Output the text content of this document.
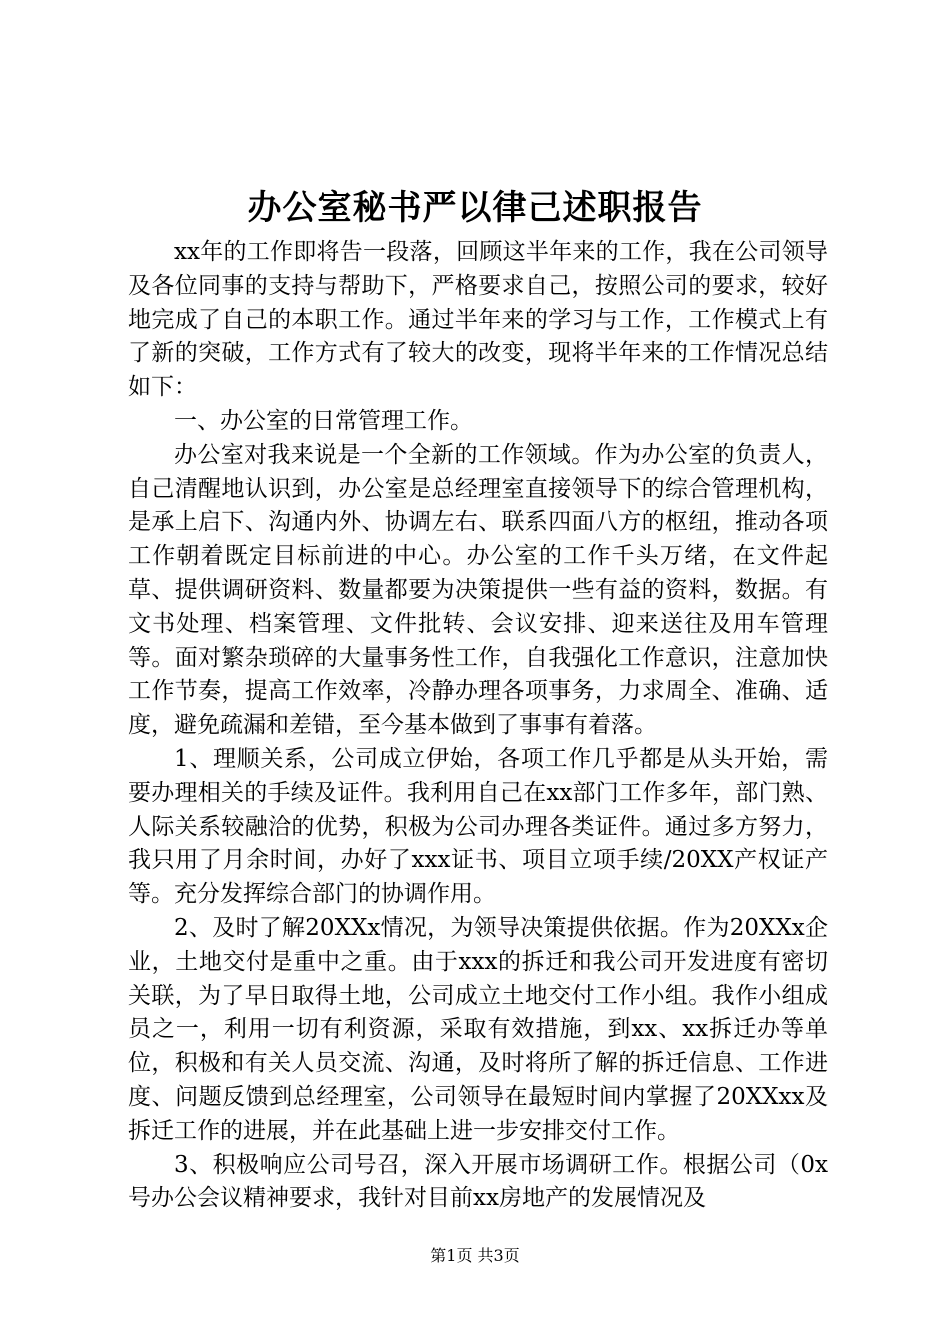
办公室秘书严以律己述职报告

xx年的工作即将告一段落，回顾这半年来的工作，我在公司领导及各位同事的支持与帮助下，严格要求自己，按照公司的要求，较好地完成了自己的本职工作。通过半年来的学习与工作，工作模式上有了新的突破，工作方式有了较大的改变，现将半年来的工作情况总结如下：

一、办公室的日常管理工作。

办公室对我来说是一个全新的工作领域。作为办公室的负责人，自己清醒地认识到，办公室是总经理室直接领导下的综合管理机构，是承上启下、沟通内外、协调左右、联系四面八方的枢纽，推动各项工作朝着既定目标前进的中心。办公室的工作千头万绪，在文件起草、提供调研资料、数量都要为决策提供一些有益的资料，数据。有文书处理、档案管理、文件批转、会议安排、迎来送往及用车管理等。面对繁杂琐碎的大量事务性工作，自我强化工作意识，注意加快工作节奏，提高工作效率，冷静办理各项事务，力求周全、准确、适度，避免疏漏和差错，至今基本做到了事事有着落。

1、理顺关系，公司成立伊始，各项工作几乎都是从头开始，需要办理相关的手续及证件。我利用自己在xx部门工作多年，部门熟、人际关系较融洽的优势，积极为公司办理各类证件。通过多方努力，我只用了月余时间，办好了xxx证书、项目立项手续/20XX产权证产等。充分发挥综合部门的协调作用。

2、及时了解20XXx情况，为领导决策提供依据。作为20XXx企业，土地交付是重中之重。由于xxx的拆迁和我公司开发进度有密切关联，为了早日取得土地，公司成立土地交付工作小组。我作小组成员之一，利用一切有利资源，采取有效措施，到xx、xx拆迁办等单位，积极和有关人员交流、沟通，及时将所了解的拆迁信息、工作进度、问题反馈到总经理室，公司领导在最短时间内掌握了20XXxx及拆迁工作的进展，并在此基础上进一步安排交付工作。

3、积极响应公司号召，深入开展市场调研工作。根据公司（0x号办公会议精神要求，我针对目前xx房地产的发展情况及

第1页 共3页
